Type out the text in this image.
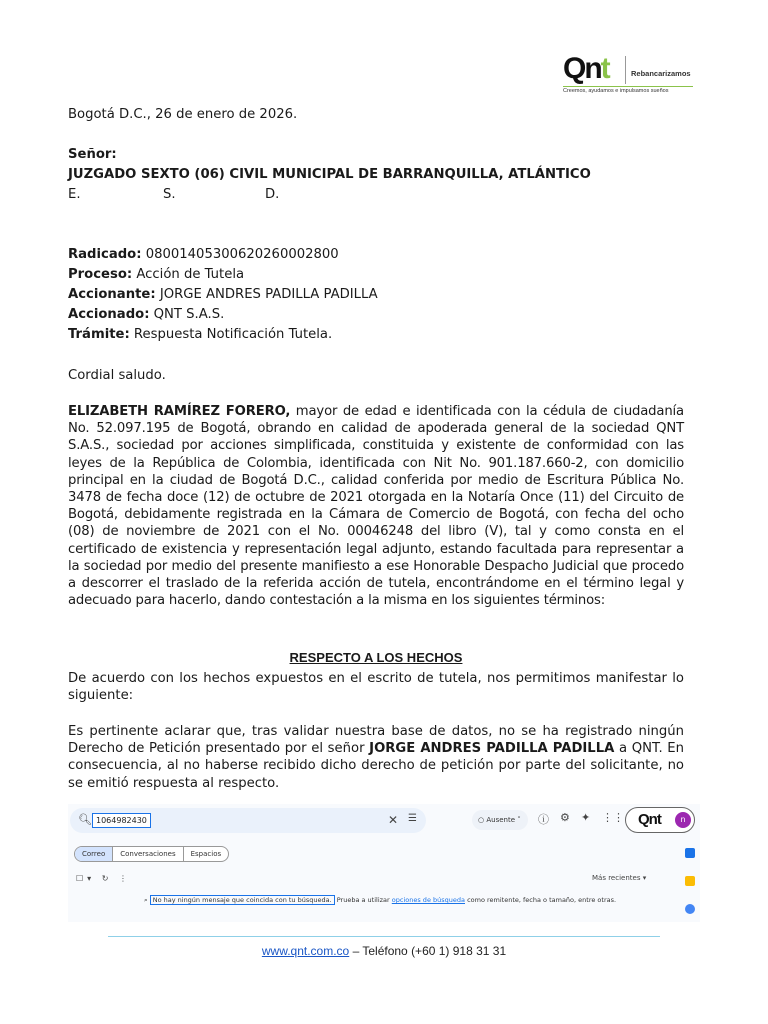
Qnt	Rebancarizamos
Creemos, ayudamos e impulsamos sueños
Bogotá D.C., 26 de enero de 2026.
Señor:
JUZGADO SEXTO (06) CIVIL MUNICIPAL DE BARRANQUILLA, ATLÁNTICO
E.	S.	D.
Radicado: 08001405300620260002800
Proceso: Acción de Tutela
Accionante: JORGE ANDRES PADILLA PADILLA
Accionado: QNT S.A.S.
Trámite: Respuesta Notificación Tutela.
Cordial saludo.
ELIZABETH RAMÍREZ FORERO, mayor de edad e identificada con la cédula de ciudadanía No. 52.097.195 de Bogotá, obrando en calidad de apoderada general de la sociedad QNT S.A.S., sociedad por acciones simplificada, constituida y existente de conformidad con las leyes de la República de Colombia, identificada con Nit No. 901.187.660-2, con domicilio principal en la ciudad de Bogotá D.C., calidad conferida por medio de Escritura Pública No. 3478 de fecha doce (12) de octubre de 2021 otorgada en la Notaría Once (11) del Circuito de Bogotá, debidamente registrada en la Cámara de Comercio de Bogotá, con fecha del ocho (08) de noviembre de 2021 con el No. 00046248 del libro (V), tal y como consta en el certificado de existencia y representación legal adjunto, estando facultada para representar a la sociedad por medio del presente manifiesto a ese Honorable Despacho Judicial que procedo a descorrer el traslado de la referida acción de tutela, encontrándome en el término legal y adecuado para hacerlo, dando contestación a la misma en los siguientes términos:
RESPECTO A LOS HECHOS
De acuerdo con los hechos expuestos en el escrito de tutela, nos permitimos manifestar lo siguiente:
Es pertinente aclarar que, tras validar nuestra base de datos, no se ha registrado ningún Derecho de Petición presentado por el señor JORGE ANDRES PADILLA PADILLA a QNT. En consecuencia, al no haberse recibido dicho derecho de petición por parte del solicitante, no se emitió respuesta al respecto.
🔍︎ 1064982430	✕ ☰	○ Ausente ˅	ⓘ ⚙ ✦ ⋮⋮ Qnt	n
Correo	Conversaciones	Espacios
☐▾ ↻ ⋮	Más recientes ▾
⌕ No hay ningún mensaje que coincida con tu búsqueda. Prueba a utilizar opciones de búsqueda como remitente, fecha o tamaño, entre otras.
www.qnt.com.co – Teléfono (+60 1) 918 31 31
